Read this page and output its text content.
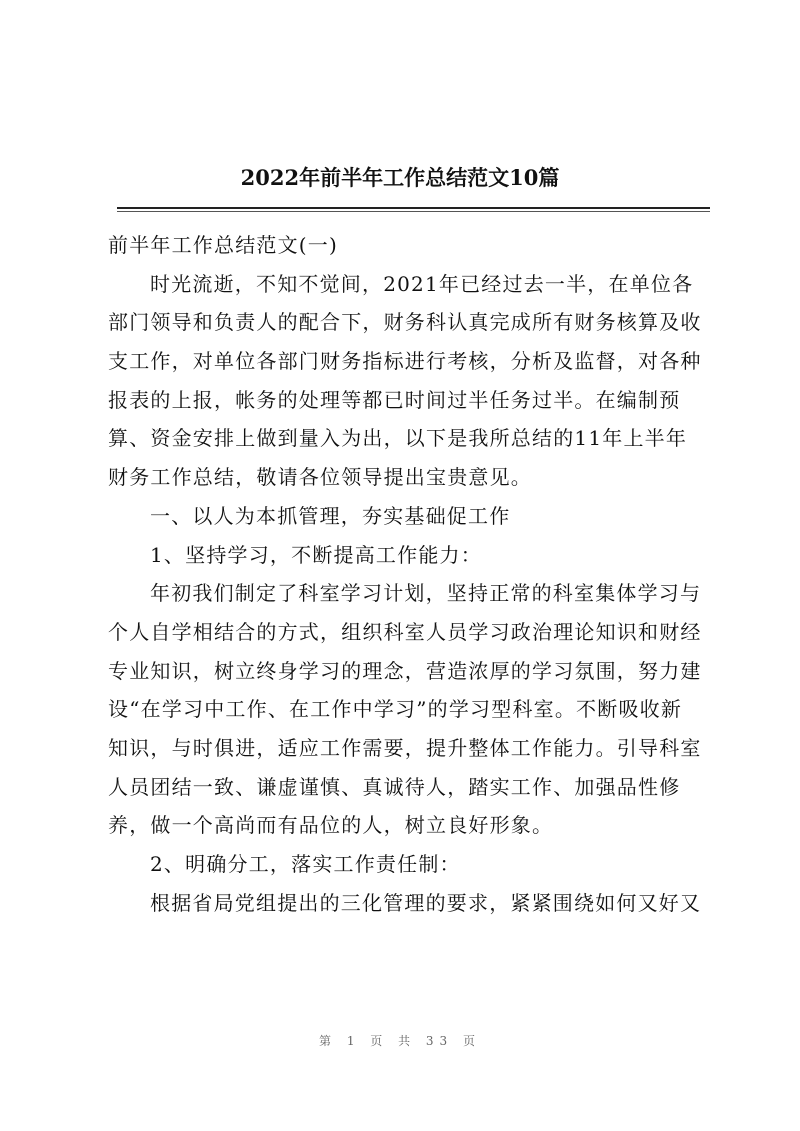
2022年前半年工作总结范文10篇
前半年工作总结范文(一)
时光流逝，不知不觉间，2021年已经过去一半，在单位各
部门领导和负责人的配合下，财务科认真完成所有财务核算及收
支工作，对单位各部门财务指标进行考核，分析及监督，对各种
报表的上报，帐务的处理等都已时间过半任务过半。在编制预
算、资金安排上做到量入为出，以下是我所总结的11年上半年
财务工作总结，敬请各位领导提出宝贵意见。
一、以人为本抓管理，夯实基础促工作
1、坚持学习，不断提高工作能力：
年初我们制定了科室学习计划，坚持正常的科室集体学习与
个人自学相结合的方式，组织科室人员学习政治理论知识和财经
专业知识，树立终身学习的理念，营造浓厚的学习氛围，努力建
设“在学习中工作、在工作中学习”的学习型科室。不断吸收新
知识，与时俱进，适应工作需要，提升整体工作能力。引导科室
人员团结一致、谦虚谨慎、真诚待人，踏实工作、加强品性修
养，做一个高尚而有品位的人，树立良好形象。
2、明确分工，落实工作责任制：
根据省局党组提出的三化管理的要求，紧紧围绕如何又好又
第 1 页 共 33 页
